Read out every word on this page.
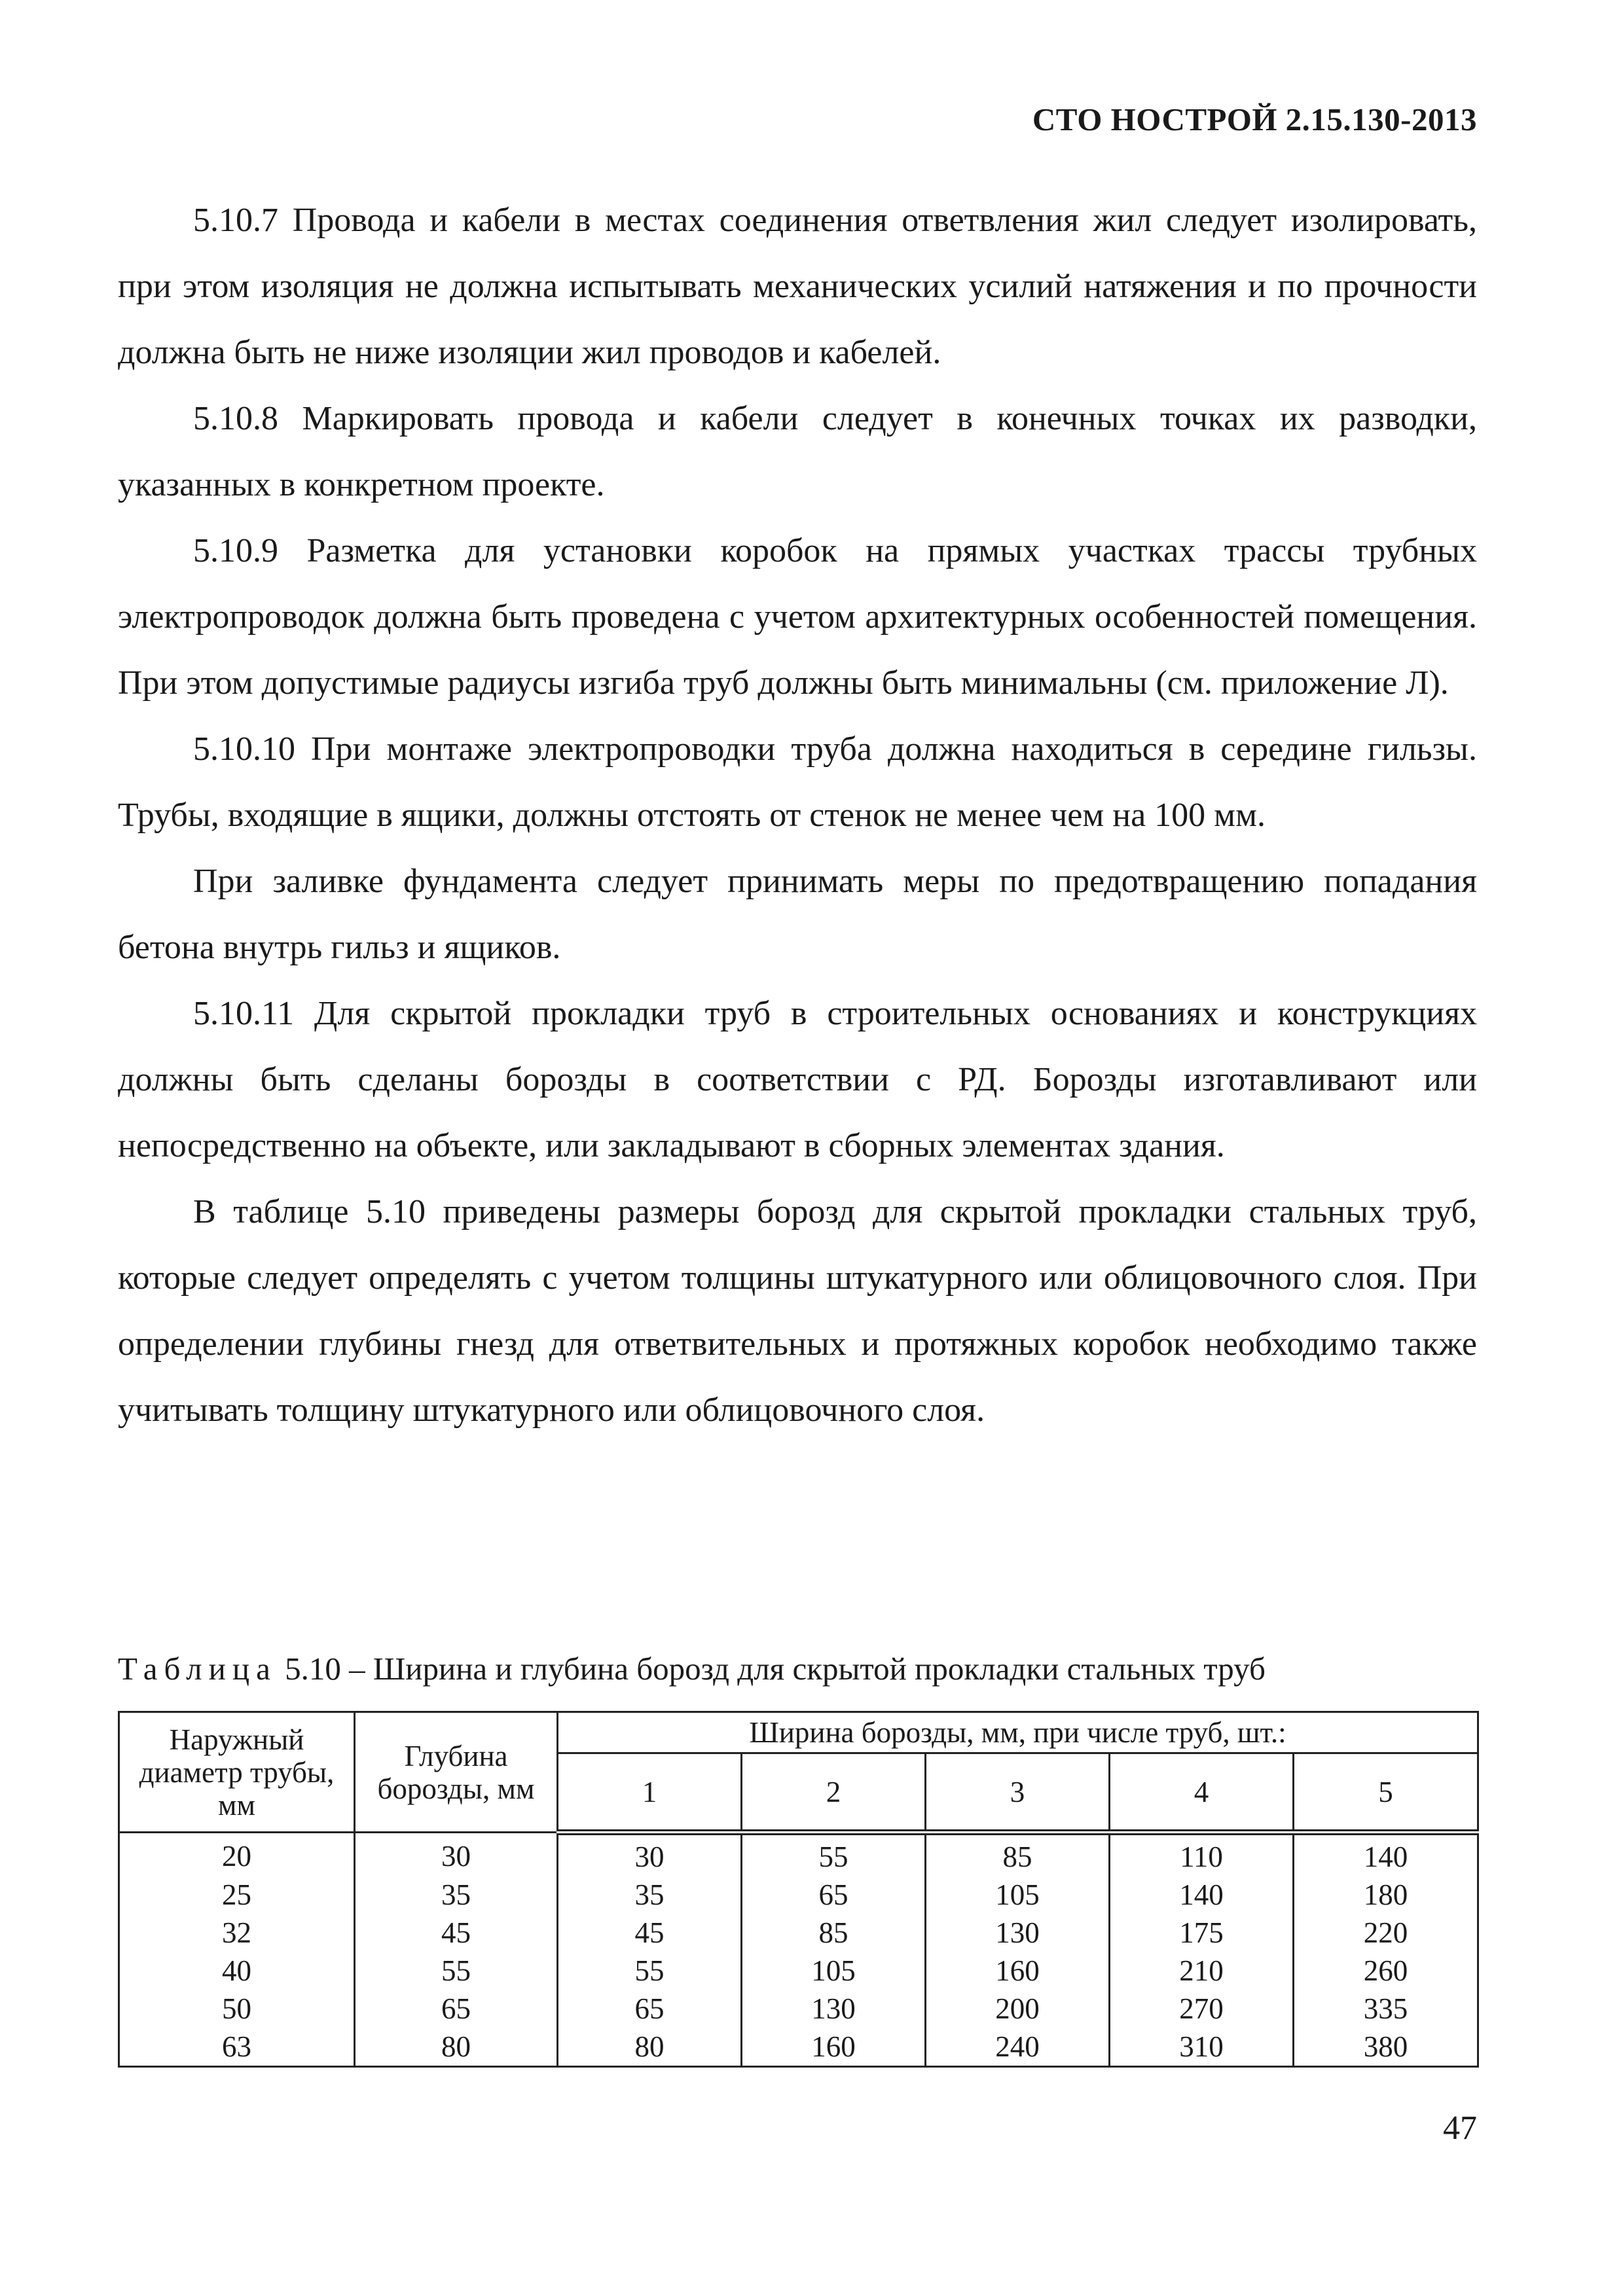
СТО НОСТРОЙ 2.15.130-2013

5.10.7 Провода и кабели в местах соединения ответвления жил следует изолировать, при этом изоляция не должна испытывать механических усилий натяжения и по прочности должна быть не ниже изоляции жил проводов и кабелей.

5.10.8 Маркировать провода и кабели следует в конечных точках их разводки, указанных в конкретном проекте.

5.10.9 Разметка для установки коробок на прямых участках трассы трубных электропроводок должна быть проведена с учетом архитектурных особенностей помещения. При этом допустимые радиусы изгиба труб должны быть минимальны (см. приложение Л).

5.10.10 При монтаже электропроводки труба должна находиться в середине гильзы. Трубы, входящие в ящики, должны отстоять от стенок не менее чем на 100 мм.

При заливке фундамента следует принимать меры по предотвращению попадания бетона внутрь гильз и ящиков.

5.10.11 Для скрытой прокладки труб в строительных основаниях и конструкциях должны быть сделаны борозды в соответствии с РД. Борозды изготавливают или непосредственно на объекте, или закладывают в сборных элементах здания.

В таблице 5.10 приведены размеры борозд для скрытой прокладки стальных труб, которые следует определять с учетом толщины штукатурного или облицовочного слоя. При определении глубины гнезд для ответвительных и протяжных коробок необходимо также учитывать толщину штукатурного или облицовочного слоя.

Таблица 5.10 – Ширина и глубина борозд для скрытой прокладки стальных труб
Наружный диаметр трубы, мм	Глубина борозды, мм	Ширина борозды, мм, при числе труб, шт.:				
		1	2	3	4	5
20	30	30	55	85	110	140
25	35	35	65	105	140	180
32	45	45	85	130	175	220
40	55	55	105	160	210	260
50	65	65	130	200	270	335
63	80	80	160	240	310	380
47
